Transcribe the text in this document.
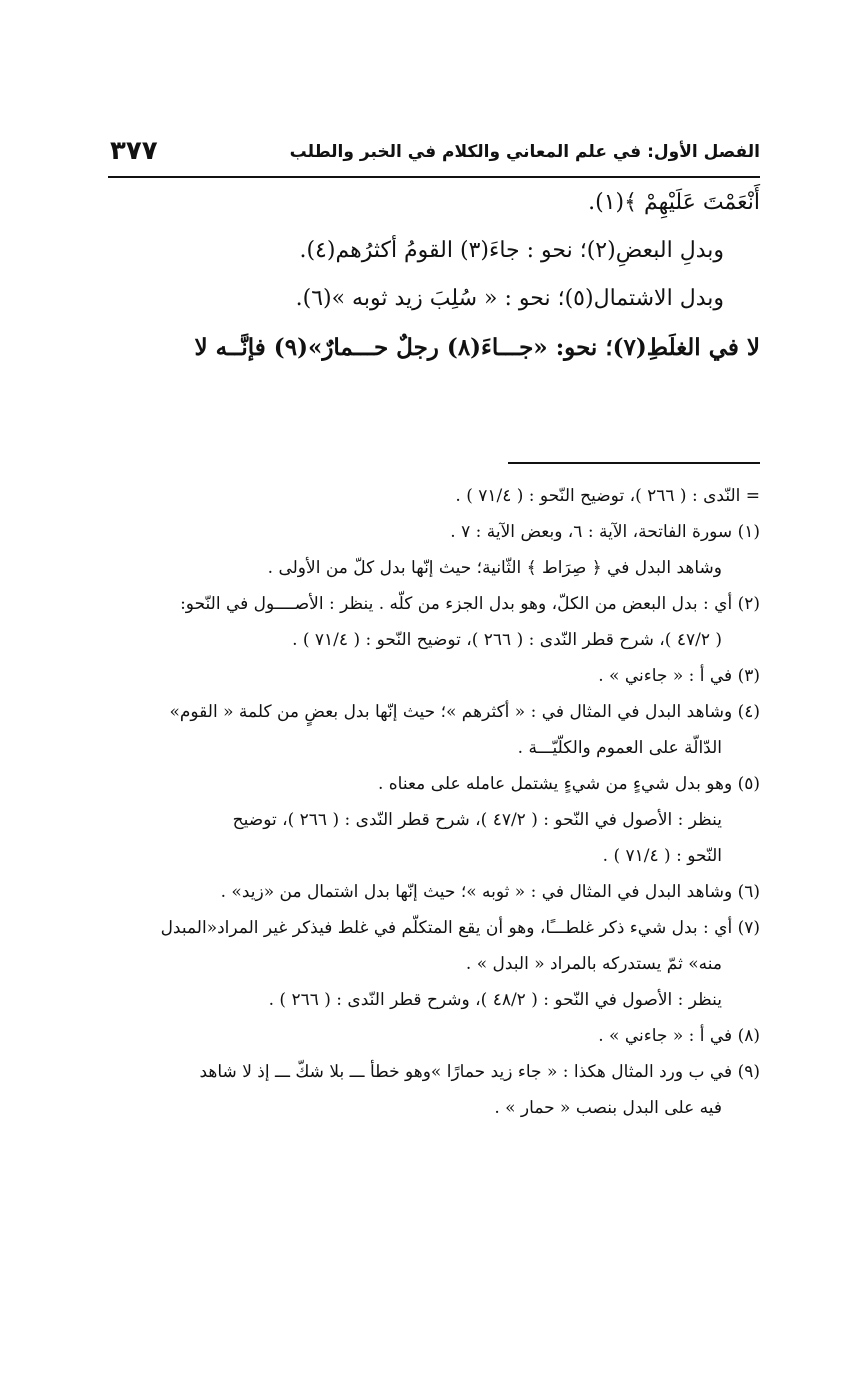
الفصل الأول: في علم المعاني والكلام في الخبر والطلب
٣٧٧
أَنْعَمْتَ عَلَيْهِمْ ﴾(١).
وبدلِ البعضِ(٢)؛ نحو : جاءَ(٣) القومُ أكثرُهم(٤).
وبدل الاشتمال(٥)؛ نحو : « سُلِبَ زيد ثوبه »(٦).
لا في الغلَطِ(٧)؛ نحو: «جـــاءَ(٨) رجلٌ حـــمارٌ»(٩) فإنَّــه لا
= النّدى : ( ٢٦٦ )، توضيح النّحو : ( ٧١/٤ ) .
(١) سورة الفاتحة، الآية : ٦، وبعض الآية : ٧ .
وشاهد البدل في ﴿ صِرَاط ﴾ الثّانية؛ حيث إنّها بدل كلّ من الأولى .
(٢) أي : بدل البعض من الكلّ، وهو بدل الجزء من كلّه . ينظر : الأصــــول في النّحو:
( ٤٧/٢ )، شرح قطر النّدى : ( ٢٦٦ )، توضيح النّحو : ( ٧١/٤ ) .
(٣) في أ : « جاءني » .
(٤) وشاهد البدل في المثال في : « أكثرهم »؛ حيث إنّها بدل بعضٍ من كلمة « القوم»
الدّالّة على العموم والكلّيّـــة .
(٥) وهو بدل شيءٍ من شيءٍ يشتمل عامله على معناه .
ينظر : الأصول في النّحو : ( ٤٧/٢ )، شرح قطر النّدى : ( ٢٦٦ )، توضيح
النّحو : ( ٧١/٤ ) .
(٦) وشاهد البدل في المثال في : « ثوبه »؛ حيث إنّها بدل اشتمال من «زيد» .
(٧) أي : بدل شيء ذكر غلطـــًا، وهو أن يقع المتكلّم في غلط فيذكر غير المراد«المبدل
منه» ثمّ يستدركه بالمراد « البدل » .
ينظر : الأصول في النّحو : ( ٤٨/٢ )، وشرح قطر النّدى : ( ٢٦٦ ) .
(٨) في أ : « جاءني » .
(٩) في ب ورد المثال هكذا : « جاء زيد حمارًا »وهو خطأ ـــ بلا شكّ ـــ إذ لا شاهد
فيه على البدل بنصب « حمار » .
